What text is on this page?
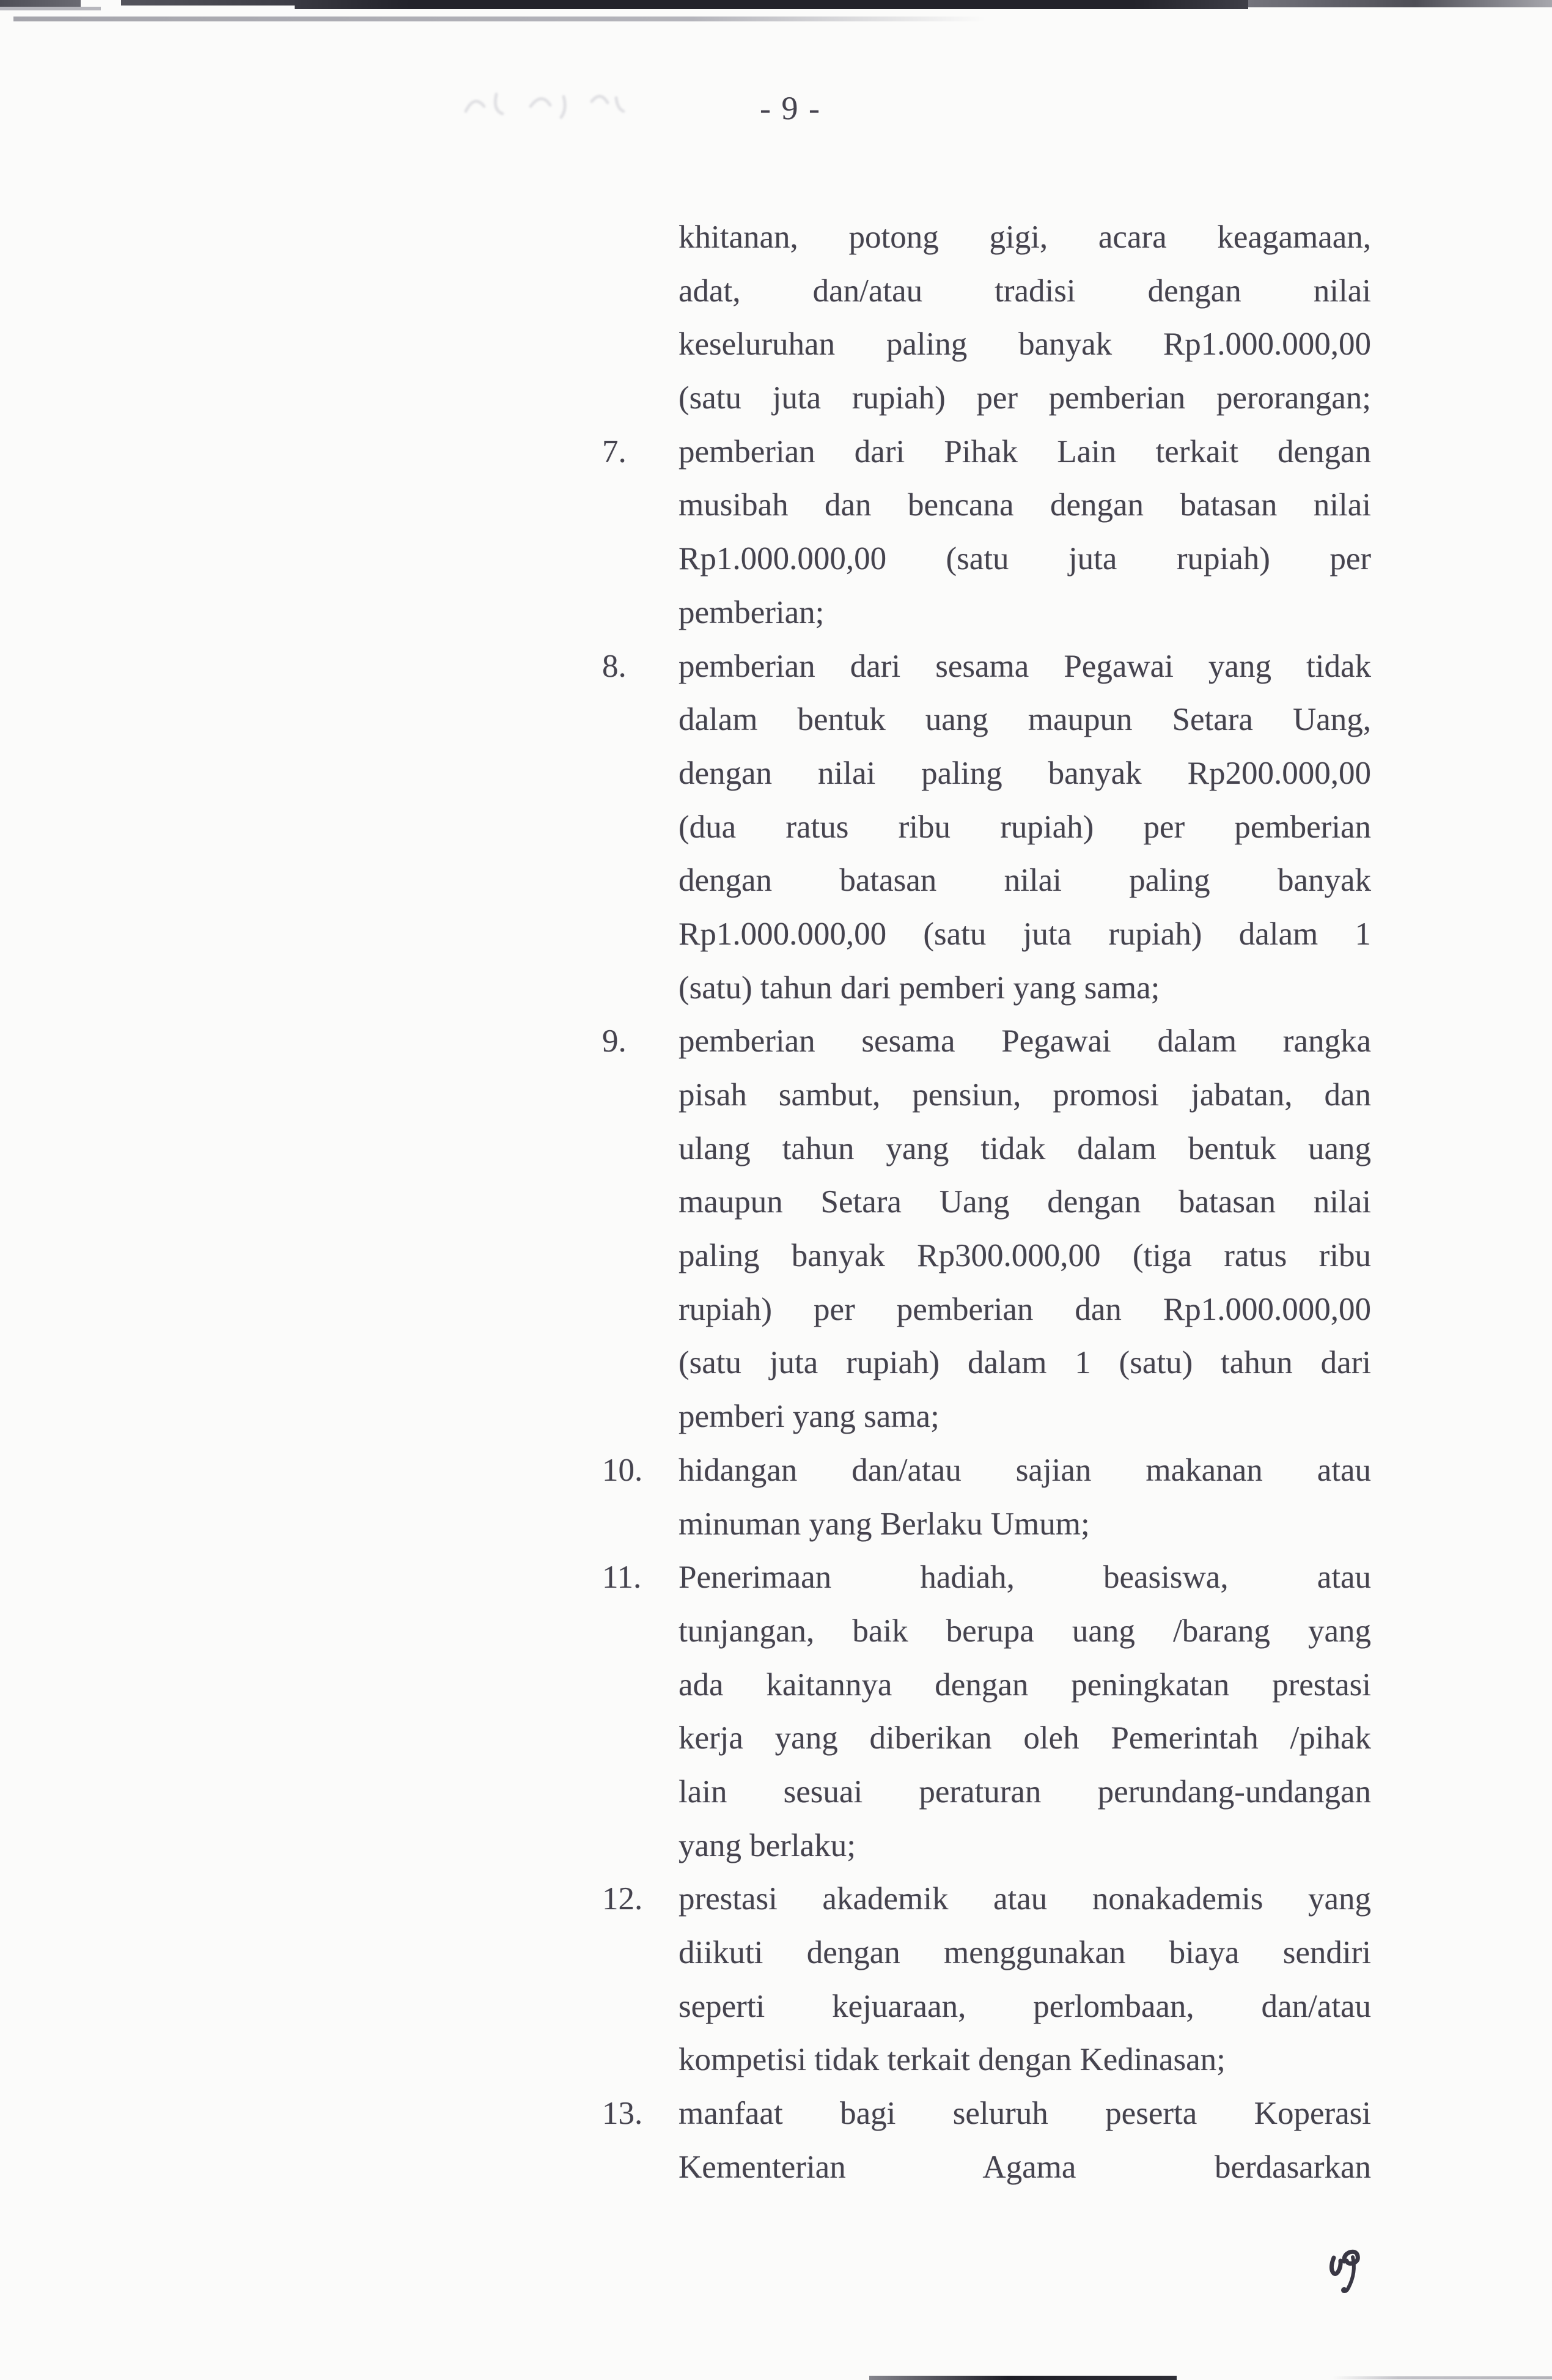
- 9 -
khitanan, potong gigi, acara keagamaan,
adat, dan/atau tradisi dengan nilai
keseluruhan paling banyak Rp1.000.000,00
(satu juta rupiah) per pemberian perorangan;
7.	pemberian dari Pihak Lain terkait dengan
musibah dan bencana dengan batasan nilai
Rp1.000.000,00 (satu juta rupiah) per
pemberian;
8.	pemberian dari sesama Pegawai yang tidak
dalam bentuk uang maupun Setara Uang,
dengan nilai paling banyak Rp200.000,00
(dua ratus ribu rupiah) per pemberian
dengan batasan nilai paling banyak
Rp1.000.000,00 (satu juta rupiah) dalam 1
(satu) tahun dari pemberi yang sama;
9.	pemberian sesama Pegawai dalam rangka
pisah sambut, pensiun, promosi jabatan, dan
ulang tahun yang tidak dalam bentuk uang
maupun Setara Uang dengan batasan nilai
paling banyak Rp300.000,00 (tiga ratus ribu
rupiah) per pemberian dan Rp1.000.000,00
(satu juta rupiah) dalam 1 (satu) tahun dari
pemberi yang sama;
10.	hidangan dan/atau sajian makanan atau
minuman yang Berlaku Umum;
11.	Penerimaan hadiah, beasiswa, atau
tunjangan, baik berupa uang /barang yang
ada kaitannya dengan peningkatan prestasi
kerja yang diberikan oleh Pemerintah /pihak
lain sesuai peraturan perundang-undangan
yang berlaku;
12.	prestasi akademik atau nonakademis yang
diikuti dengan menggunakan biaya sendiri
seperti kejuaraan, perlombaan, dan/atau
kompetisi tidak terkait dengan Kedinasan;
13.	manfaat bagi seluruh peserta Koperasi
Kementerian Agama berdasarkan
